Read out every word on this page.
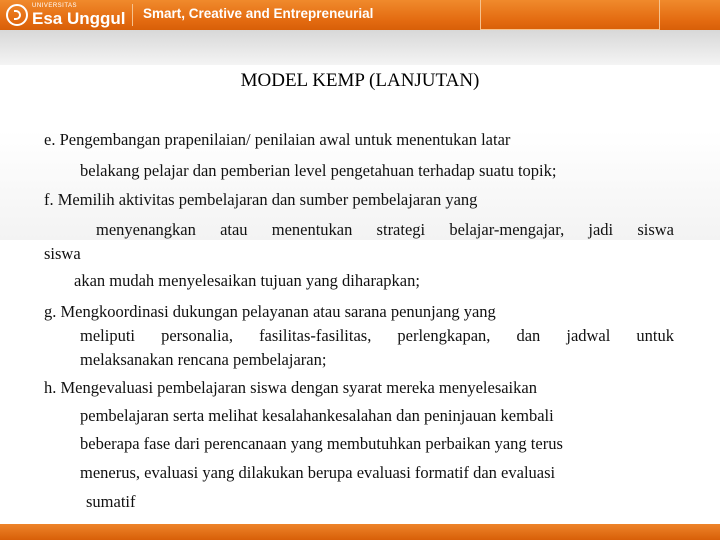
UNIVERSITAS
Esa Unggul Smart, Creative and Entrepreneurial
MODEL KEMP (LANJUTAN)
e. Pengembangan prapenilaian/ penilaian awal untuk menentukan latar
belakang pelajar dan pemberian level pengetahuan terhadap suatu topik;
f. Memilih aktivitas pembelajaran dan sumber pembelajaran yang
menyenangkan atau menentukan strategi belajar-mengajar, jadi siswa
siswa
akan mudah menyelesaikan tujuan yang diharapkan;
g. Mengkoordinasi dukungan pelayanan atau sarana penunjang yang
meliputi personalia, fasilitas-fasilitas, perlengkapan, dan jadwal untuk
melaksanakan rencana pembelajaran;
h. Mengevaluasi pembelajaran siswa dengan syarat mereka menyelesaikan
pembelajaran serta melihat kesalahankesalahan dan peninjauan kembali
beberapa fase dari perencanaan yang membutuhkan perbaikan yang terus
menerus, evaluasi yang dilakukan berupa evaluasi formatif dan evaluasi
sumatif
